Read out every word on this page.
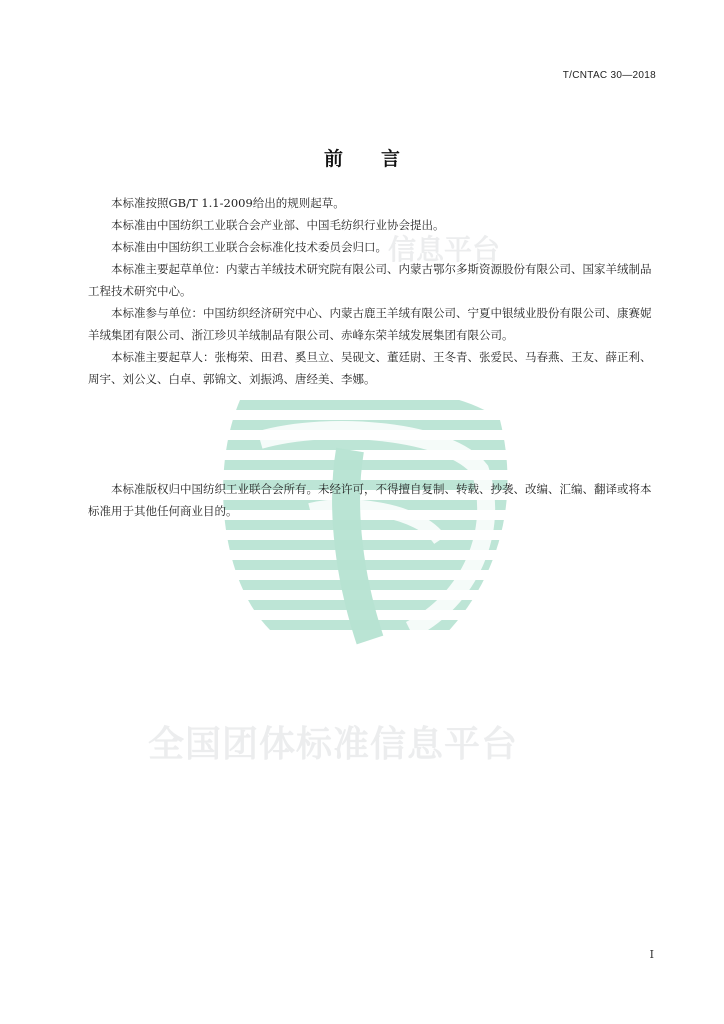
T/CNTAC 30—2018
前　　言
信息平台
全国团体标准信息平台

本标准按照GB/T 1.1-2009给出的规则起草。

本标准由中国纺织工业联合会产业部、中国毛纺织行业协会提出。

本标准由中国纺织工业联合会标准化技术委员会归口。

本标准主要起草单位：内蒙古羊绒技术研究院有限公司、内蒙古鄂尔多斯资源股份有限公司、国家羊绒制品工程技术研究中心。

本标准参与单位：中国纺织经济研究中心、内蒙古鹿王羊绒有限公司、宁夏中银绒业股份有限公司、康赛妮羊绒集团有限公司、浙江珍贝羊绒制品有限公司、赤峰东荣羊绒发展集团有限公司。

本标准主要起草人：张梅荣、田君、奚旦立、吴砚文、董廷尉、王冬青、张爱民、马春燕、王友、薛正利、周宇、刘公义、白卓、郭锦文、刘振鸿、唐经美、李娜。

本标准版权归中国纺织工业联合会所有。未经许可，不得擅自复制、转载、抄袭、改编、汇编、翻译或将本标准用于其他任何商业目的。

I
